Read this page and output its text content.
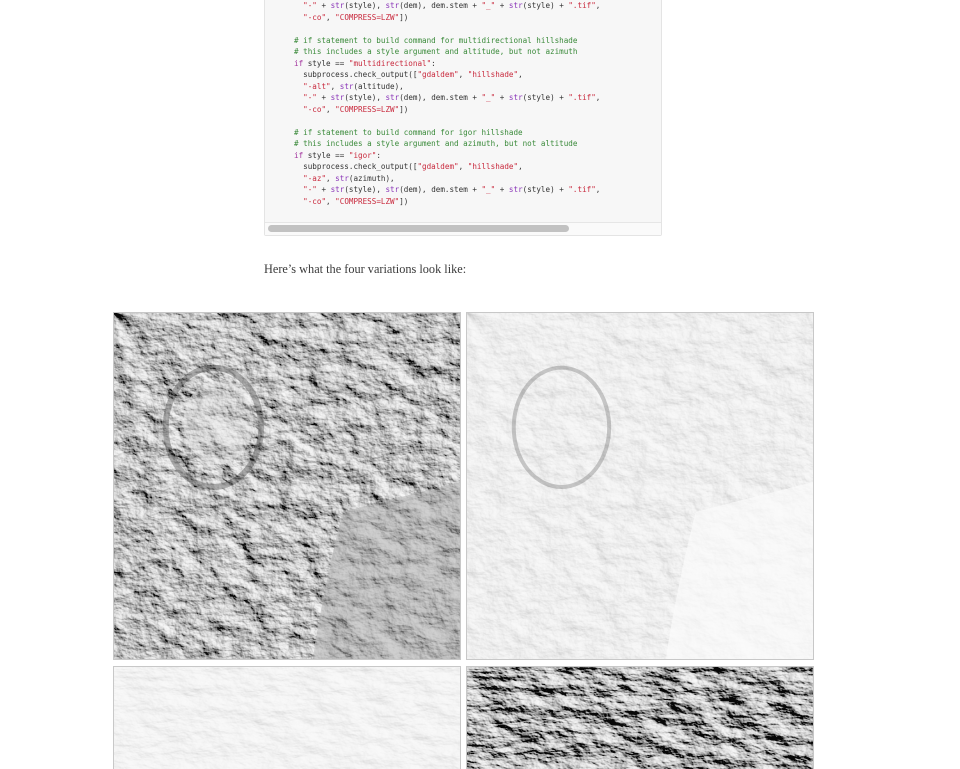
"-" + str(style), str(dem), dem.stem + "_" + str(style) + ".tif",
"-co", "COMPRESS=LZW"])

# if statement to build command for multidirectional hillshade
# this includes a style argument and altitude, but not azimuth
if style == "multidirectional":
subprocess.check_output(["gdaldem", "hillshade",
"-alt", str(altitude),
"-" + str(style), str(dem), dem.stem + "_" + str(style) + ".tif",
"-co", "COMPRESS=LZW"])

# if statement to build command for igor hillshade
# this includes a style argument and azimuth, but not altitude
if style == "igor":
subprocess.check_output(["gdaldem", "hillshade",
"-az", str(azimuth),
"-" + str(style), str(dem), dem.stem + "_" + str(style) + ".tif",
"-co", "COMPRESS=LZW"])

Here’s what the four variations look like:
